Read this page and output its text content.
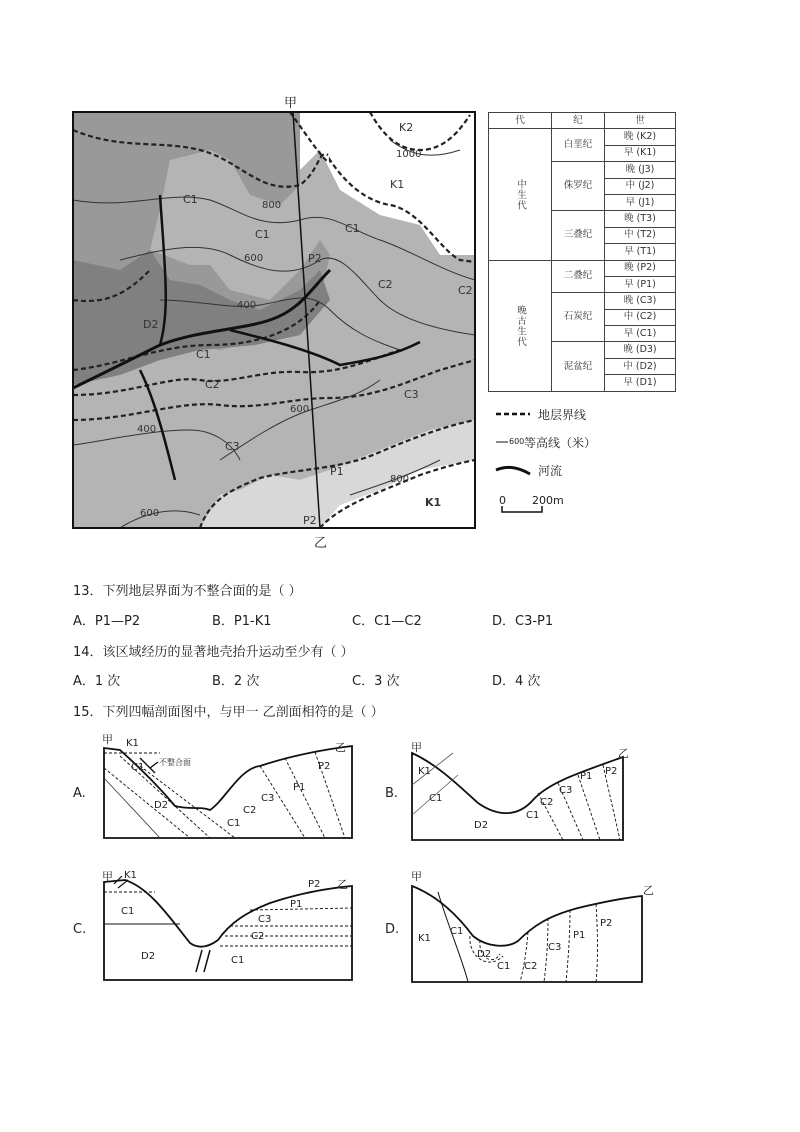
甲
K2
K1
C1
C1	C1
D2
P2
C1
C2
C2	C2
C3
C3
P1
K1
P2
1000
800
600
400
600
400
800
600
乙
代	纪	世
中生代	白垩纪	晚 (K2)
		早 (K1)
	侏罗纪	晚 (J3)
		中 (J2)
		早 (J1)
	三叠纪	晚 (T3)
		中 (T2)
		早 (T1)
晚古生代	二叠纪	晚 (P2)
		早 (P1)
	石炭纪	晚 (C3)
		中 (C2)
		早 (C1)
	泥盆纪	晚 (D3)
		中 (D2)
		早 (D1)
地层界线
600 等高线（米）
河流
0 200m
13．下列地层界面为不整合面的是（ ）
A．P1—P2	B．P1-K1	C．C1—C2	D．C3-P1
14．该区域经历的显著地壳抬升运动至少有（ ）
A．1 次	B．2 次	C．3 次	D．4 次
15．下列四幅剖面图中，与甲一 乙剖面相符的是（ ）
A.
甲
乙
K1
C1 不整合面
D2
C1
C2
C3
P1
P2
B.
甲	乙
K1
C1
D2
C1
C2
C3
P1 P2
C.
甲
乙
K1
C1
D2	C1
C2
C3
P1
P2
D.
甲
乙
K1
C1
D2
C1 C2
C3
P1
P2
